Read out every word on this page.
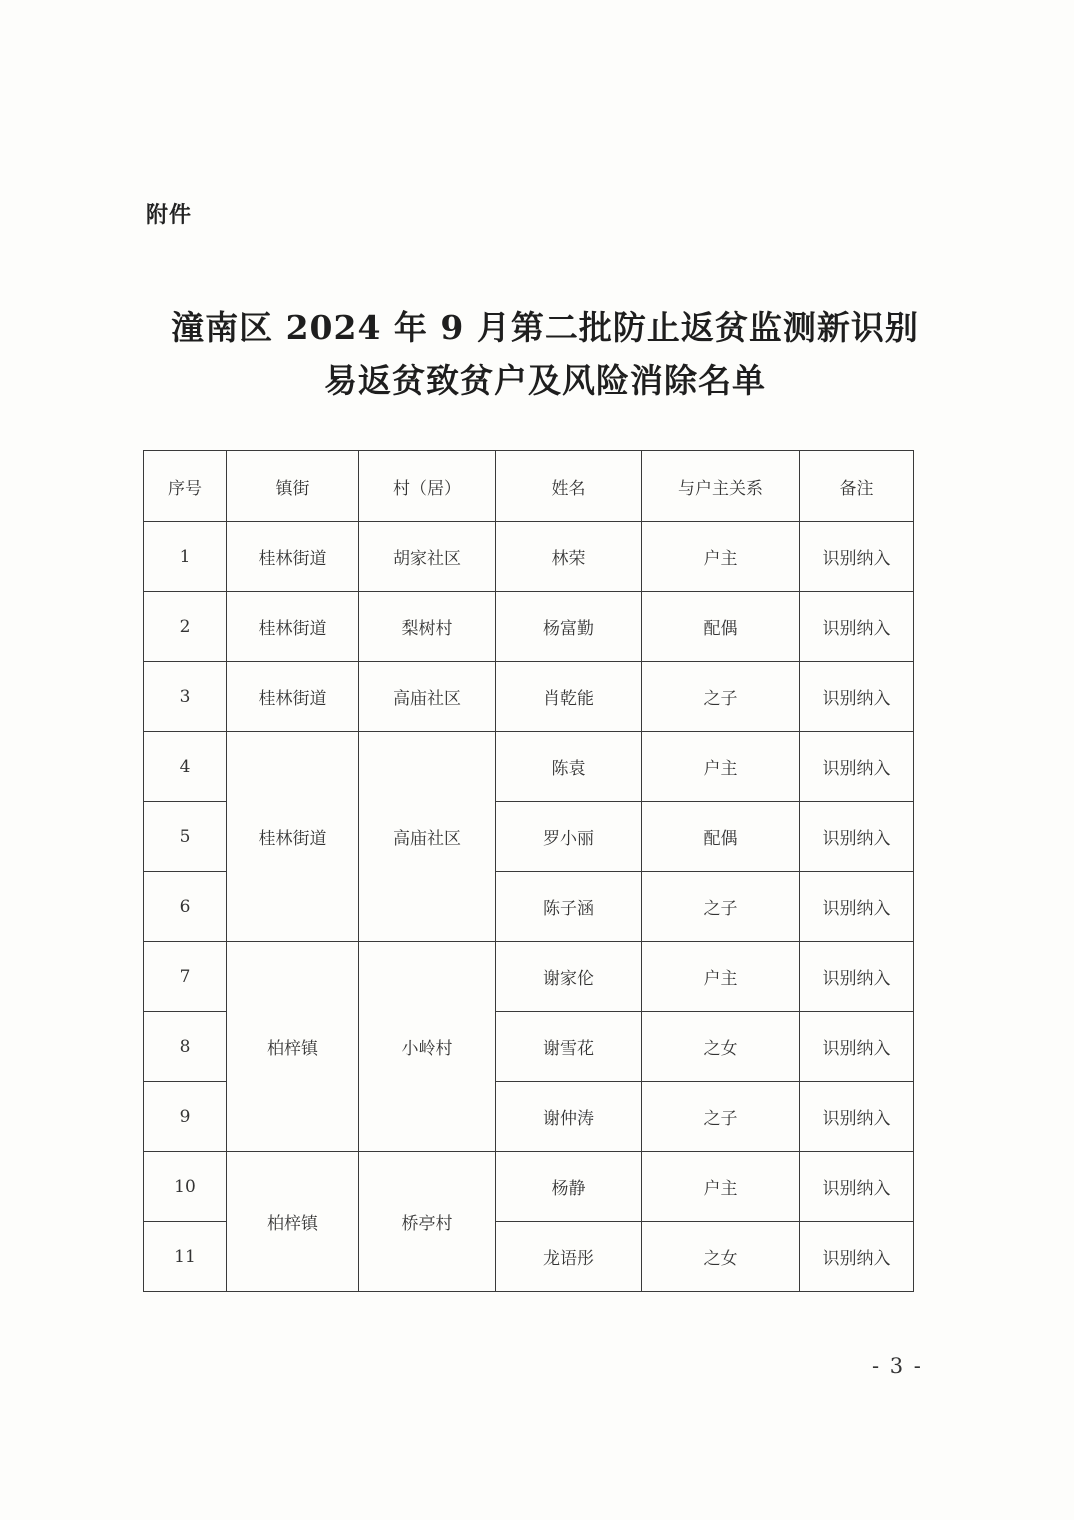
附件
潼南区 2024 年 9 月第二批防止返贫监测新识别
易返贫致贫户及风险消除名单
序号	镇街	村（居）	姓名	与户主关系	备注
1	桂林街道	胡家社区	林荣	户主	识别纳入
2	桂林街道	梨树村	杨富勤	配偶	识别纳入
3	桂林街道	高庙社区	肖乾能	之子	识别纳入
4	桂林街道	高庙社区	陈袁	户主	识别纳入
5			罗小丽	配偶	识别纳入
6			陈子涵	之子	识别纳入
7	柏梓镇	小岭村	谢家伦	户主	识别纳入
8			谢雪花	之女	识别纳入
9			谢仲涛	之子	识别纳入
10	柏梓镇	桥亭村	杨静	户主	识别纳入
11			龙语彤	之女	识别纳入
- 3 -
